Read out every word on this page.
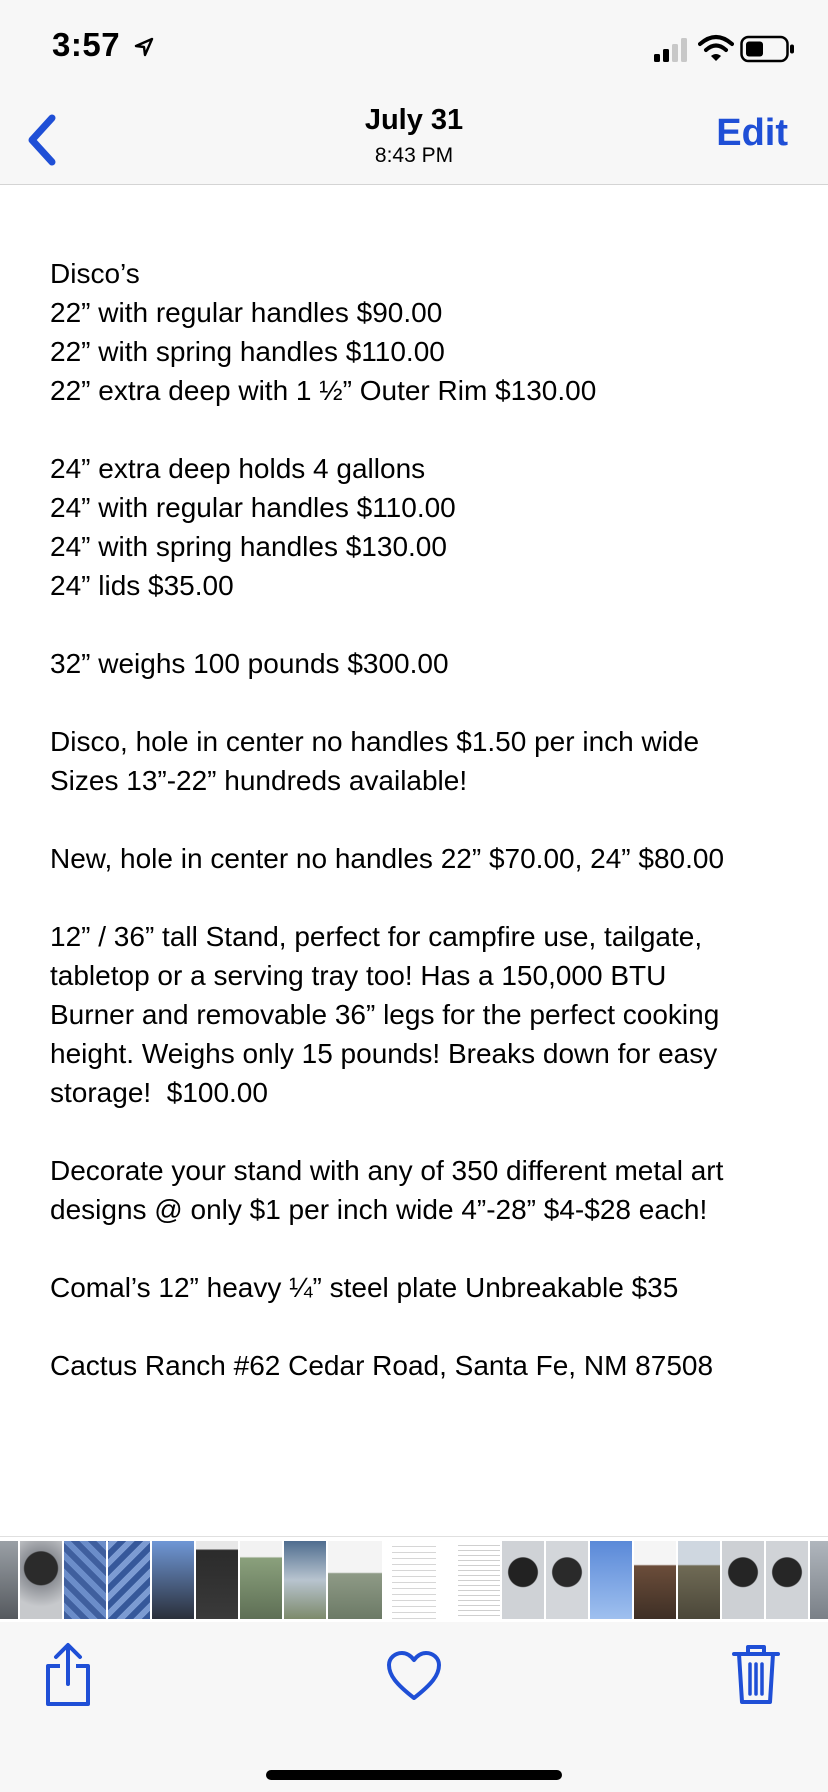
3:57
July 31
8:43 PM
Edit
Disco’s
22” with regular handles $90.00
22” with spring handles $110.00
22” extra deep with 1 ½” Outer Rim $130.00
24” extra deep holds 4 gallons
24” with regular handles $110.00
24” with spring handles $130.00
24” lids $35.00
32” weighs 100 pounds $300.00
Disco, hole in center no handles $1.50 per inch wide
Sizes 13”-22” hundreds available!
New, hole in center no handles 22” $70.00, 24” $80.00
12” / 36” tall Stand, perfect for campfire use, tailgate,
tabletop or a serving tray too! Has a 150,000 BTU
Burner and removable 36” legs for the perfect cooking
height. Weighs only 15 pounds! Breaks down for easy
storage!  $100.00
Decorate your stand with any of 350 different metal art
designs @ only $1 per inch wide 4”-28” $4-$28 each!
Comal’s 12” heavy ¼” steel plate Unbreakable $35
Cactus Ranch #62 Cedar Road, Santa Fe, NM 87508
